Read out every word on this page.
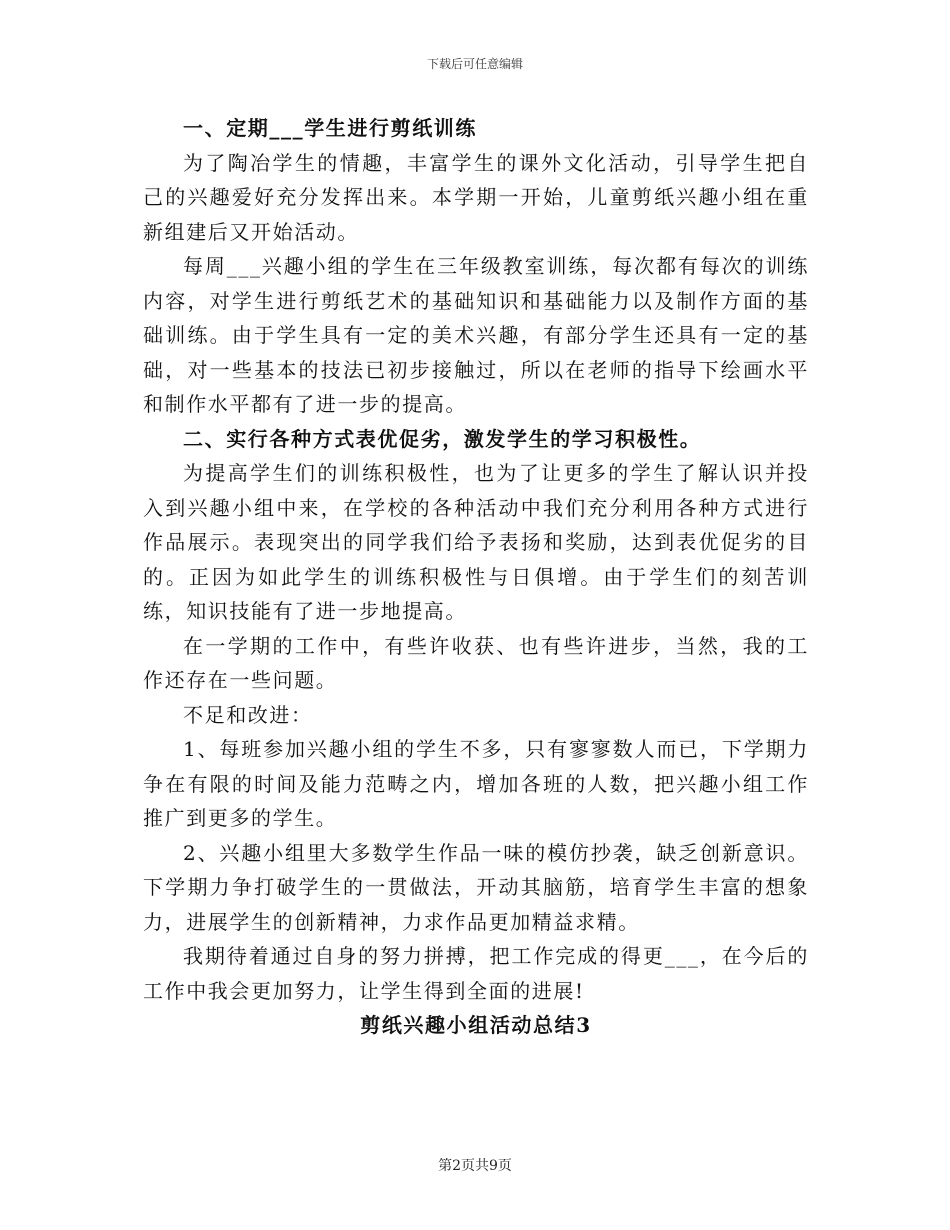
下载后可任意编辑
一、定期___学生进行剪纸训练

为了陶冶学生的情趣，丰富学生的课外文化活动，引导学生把自己的兴趣爱好充分发挥出来。本学期一开始，儿童剪纸兴趣小组在重新组建后又开始活动。

每周___兴趣小组的学生在三年级教室训练，每次都有每次的训练内容，对学生进行剪纸艺术的基础知识和基础能力以及制作方面的基础训练。由于学生具有一定的美术兴趣，有部分学生还具有一定的基础，对一些基本的技法已初步接触过，所以在老师的指导下绘画水平和制作水平都有了进一步的提高。

二、实行各种方式表优促劣，激发学生的学习积极性。

为提高学生们的训练积极性，也为了让更多的学生了解认识并投入到兴趣小组中来，在学校的各种活动中我们充分利用各种方式进行作品展示。表现突出的同学我们给予表扬和奖励，达到表优促劣的目的。正因为如此学生的训练积极性与日俱增。由于学生们的刻苦训练，知识技能有了进一步地提高。

在一学期的工作中，有些许收获、也有些许进步，当然，我的工作还存在一些问题。

不足和改进：

1、每班参加兴趣小组的学生不多，只有寥寥数人而已，下学期力争在有限的时间及能力范畴之内，增加各班的人数，把兴趣小组工作推广到更多的学生。

2、兴趣小组里大多数学生作品一味的模仿抄袭，缺乏创新意识。下学期力争打破学生的一贯做法，开动其脑筋，培育学生丰富的想象力，进展学生的创新精神，力求作品更加精益求精。

我期待着通过自身的努力拼搏，把工作完成的得更___，在今后的工作中我会更加努力，让学生得到全面的进展!

剪纸兴趣小组活动总结3
第2页共9页
